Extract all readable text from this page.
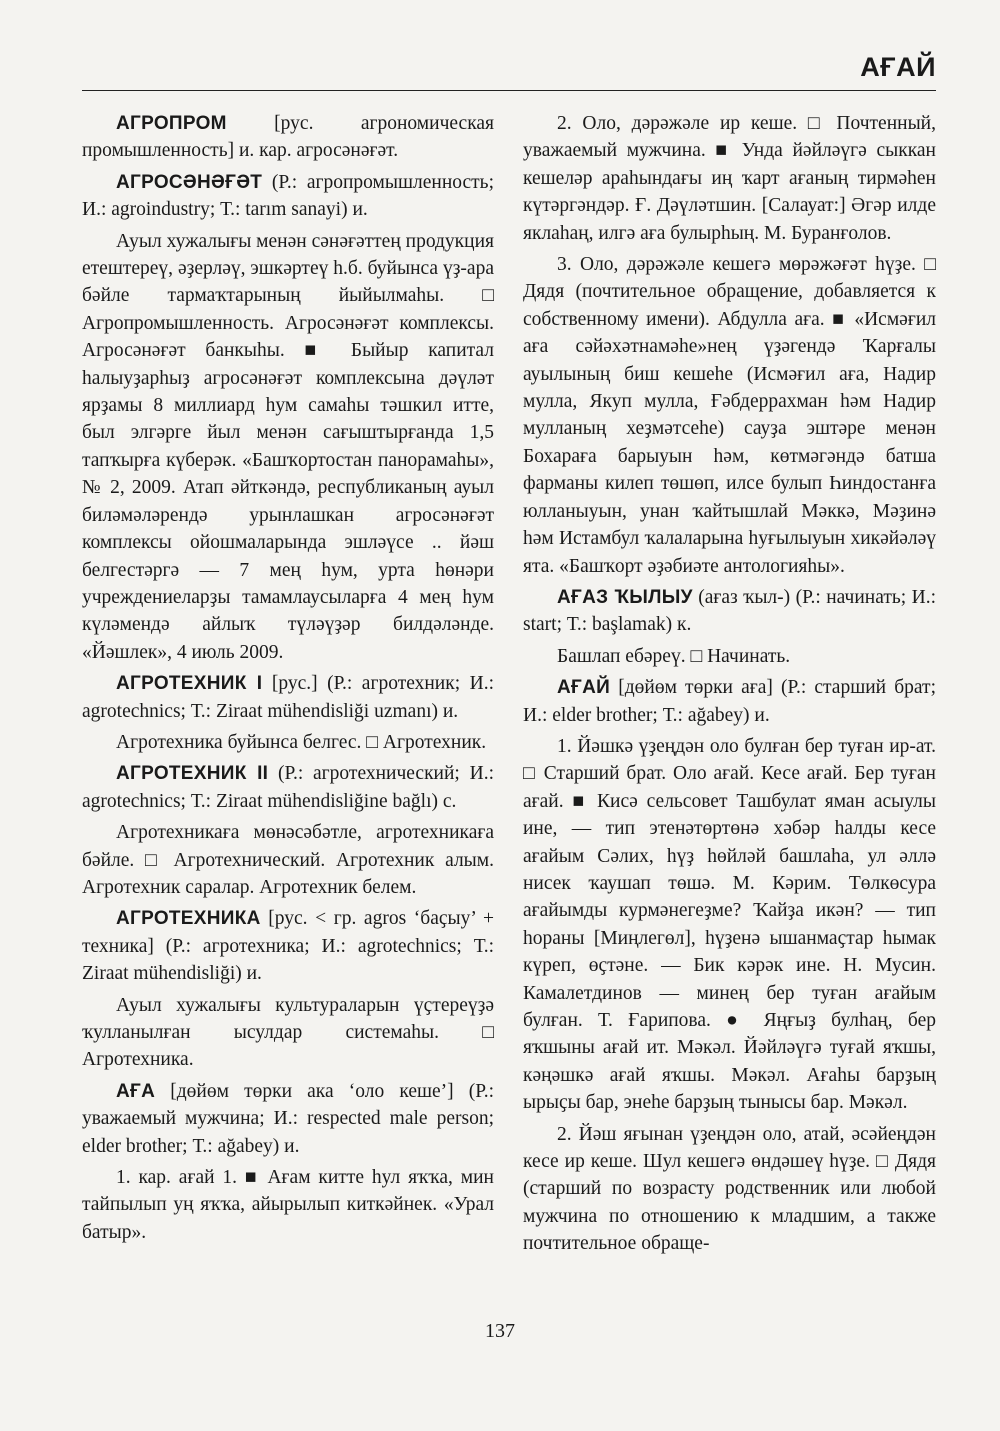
АҒАЙ

АГРОПРОМ [рус. агрономическая промышленность] и. кар. агросәнәғәт.

АГРОСӘНӘҒӘТ (Р.: агропромышленность; И.: agroindustry; Т.: tarım sanayi) и.

Ауыл хужалығы менән сәнәғәттең продукция етештереү, әҙерләү, эшкәртеү һ.б. буйынса үҙ-ара бәйле тармаҡтарының йыйылмаһы. □ Агропромышленность. Агросәнәғәт комплексы. Агросәнәғәт банкыһы. ■ Быйыр капитал һалыуҙарһыҙ агросәнәғәт комплексына дәүләт ярҙамы 8 миллиард һум самаһы тәшкил итте, был элгәрге йыл менән сағыштырғанда 1,5 тапҡырға күберәк. «Башҡортостан панорамаһы», № 2, 2009. Атап әйткәндә, республиканың ауыл биләмәләрендә урынлашкан агросәнәғәт комплексы ойошмаларында эшләүсе .. йәш белгестәргә — 7 мең һум, урта һөнәри учреждениеларҙы тамамлаусыларға 4 мең һум күләмендә айлыҡ түләүҙәр билдәләнде. «Йәшлек», 4 июль 2009.

АГРОТЕХНИК I [рус.] (Р.: агротехник; И.: agrotechnics; Т.: Ziraat mühendisliği uzmanı) и.

Агротехника буйынса белгес. □ Агротехник.

АГРОТЕХНИК II (Р.: агротехнический; И.: agrotechnics; Т.: Ziraat mühendisliğine bağlı) с.

Агротехникаға мөнәсәбәтле, агротехникаға бәйле. □ Агротехнический. Агротехник алым. Агротехник саралар. Агротехник белем.

АГРОТЕХНИКА [рус. < гр. agros ‘баҫыу’ + техника] (Р.: агротехника; И.: agrotechnics; Т.: Ziraat mühendisliği) и.

Ауыл хужалығы культураларын үҫтереүҙә ҡулланылған ысулдар системаһы. □ Агротехника.

АҒА [дөйөм төрки ака ‘оло кеше’] (Р.: уважаемый мужчина; И.: respected male person; elder brother; Т.: ağabey) и.

1. кар. ағай 1. ■ Ағам китте һул яҡҡа, мин тайпылып уң яҡҡа, айырылып киткәйнек. «Урал батыр».

2. Оло, дәрәжәле ир кеше. □ Почтенный, уважаемый мужчина. ■ Унда йәйләүгә сыккан кешеләр араһындағы иң ҡарт ағаның тирмәһен күтәргәндәр. Ғ. Дәүләтшин. [Салауат:] Әгәр илде яклаһаң, илгә аға булырһың. М. Буранғолов.

3. Оло, дәрәжәле кешегә мөрәжәғәт һүҙе. □ Дядя (почтительное обращение, добавляется к собственному имени). Абдулла аға. ■ «Исмәғил аға сәйәхәтнамәһе»нең үҙәгендә Ҡарғалы ауылының биш кешеһе (Исмәғил аға, Надир мулла, Якуп мулла, Ғәбдеррахман һәм Надир мулланың хеҙмәтсеһе) сауҙа эштәре менән Бохараға барыуын һәм, көтмәгәндә батша фарманы килеп төшөп, илсе булып Һиндостанға юлланыуын, унан ҡайтышлай Мәккә, Мәҙинә һәм Истамбул ҡалаларына һуғылыуын хикәйәләү ята. «Башҡорт әҙәбиәте антологияһы».

АҒАЗ ҠЫЛЫУ (ағаз ҡыл-) (Р.: начинать; И.: start; Т.: başlamak) к.

Башлап ебәреү. □ Начинать.

АҒАЙ [дөйөм төрки аға] (Р.: старший брат; И.: elder brother; Т.: ağabey) и.

1. Йәшкә үҙеңдән оло булған бер туған ир-ат. □ Старший брат. Оло ағай. Кесе ағай. Бер туған ағай. ■ Кисә сельсовет Ташбулат яман асыулы ине, — тип этенәтөртөнә хәбәр һалды кесе ағайым Сәлих, һүҙ һөйләй башлаһа, ул әллә нисек ҡаушап төшә. М. Кәрим. Төлкөсура ағайымды курмәнегеҙме? Ҡайҙа икән? — тип һораны [Миңлегөл], һүҙенә ышанмаҫтар һымак күреп, өҫтәне. — Бик кәрәк ине. Н. Мусин. Камалетдинов — минең бер туған ағайым булған. Т. Ғарипова. ● Яңғыҙ булһаң, бер яҡшыны ағай ит. Мәкәл. Йәйләүгә туғай яҡшы, кәңәшкә ағай яҡшы. Мәкәл. Ағаһы барҙың ырыҫы бар, энеһе барҙың тынысы бар. Мәкәл.

2. Йәш яғынан үҙеңдән оло, атай, әсәйеңдән кесе ир кеше. Шул кешегә өндәшеү һүҙе. □ Дядя (старший по возрасту родственник или любой мужчина по отношению к младшим, а также почтительное обраще-

137
